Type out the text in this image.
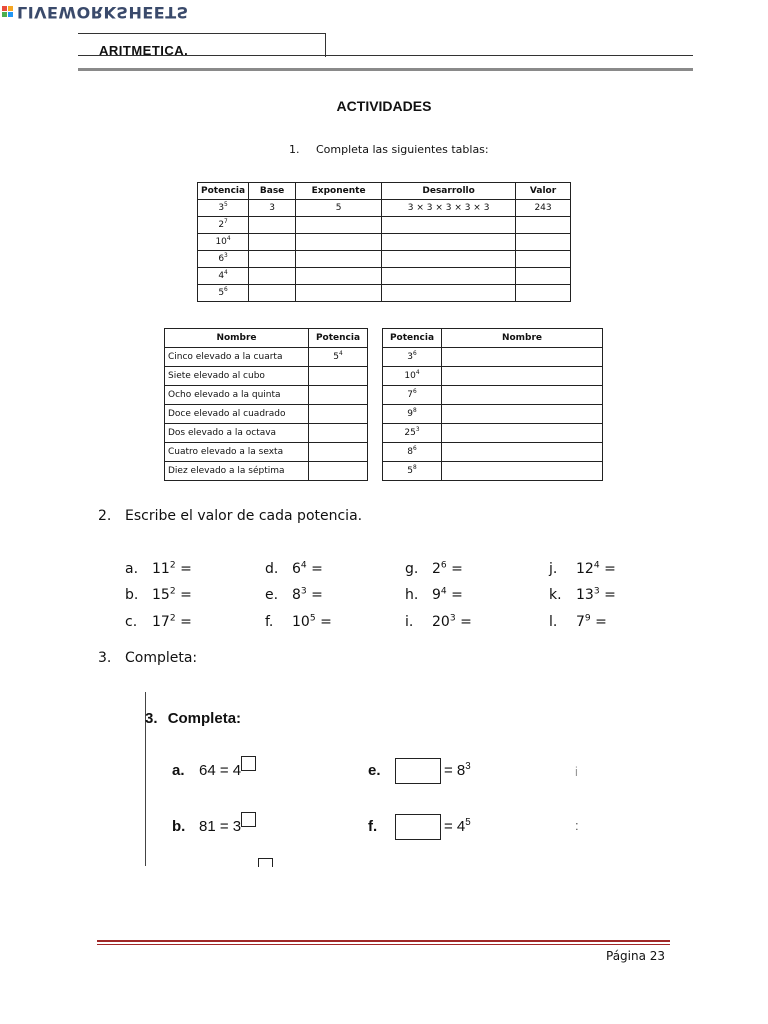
LIVEWORKSHEETS
ARITMETICA.
ACTIVIDADES
1. Completa las siguientes tablas:
Potencia	Base	Exponente	Desarrollo	Valor
$3^5$	3	5	3 × 3 × 3 × 3 × 3	243
$2^7$				
$10^4$				
$6^3$				
$4^4$				
$5^6$				
Nombre	Potencia
Cinco elevado a la cuarta	$5^4$
Siete elevado al cubo	
Ocho elevado a la quinta	
Doce elevado al cuadrado	
Dos elevado a la octava	
Cuatro elevado a la sexta	
Diez elevado a la séptima	
Potencia	Nombre
$3^6$	
$10^4$	
$7^6$	
$9^8$	
$25^3$	
$8^6$	
$5^8$	
2. Escribe el valor de cada potencia.
a. $11^2$ =	d. $6^4$ =	g. $2^6$ =	j. $12^4$ =
b. $15^2$ =	e. $8^3$ =	h. $9^4$ =	k. $13^3$ =
c. $17^2$ =	f. $10^5$ =	i. $20^3$ =	l. $7^9$ =
3. Completa:
3. Completa:
a. 64 = 4	e.	= $8^3$	i
b. 81 = 3	f.	= $4^5$	:
Página 23
